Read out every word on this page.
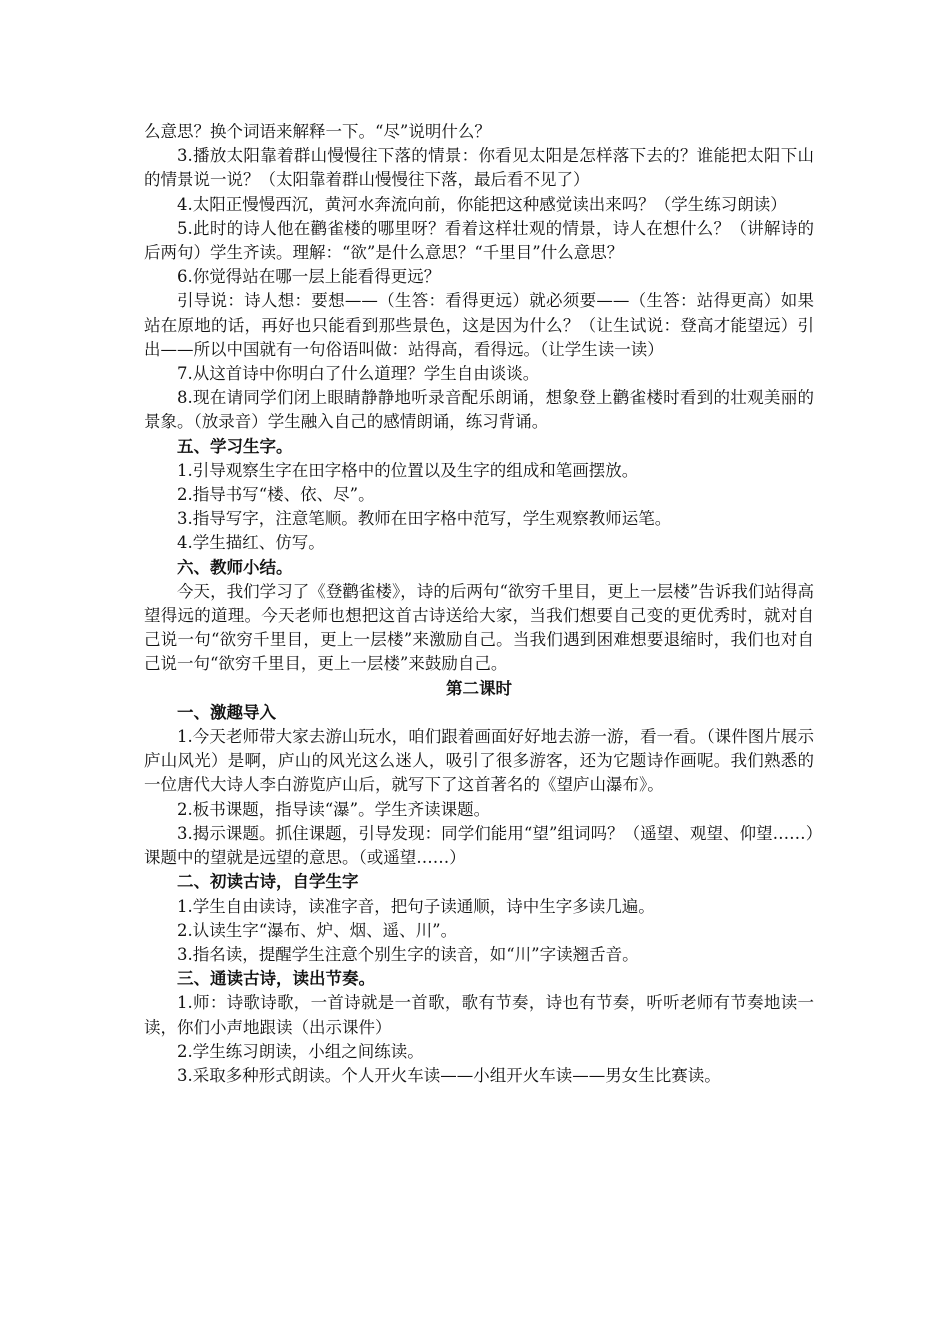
么意思？换个词语来解释一下。“尽”说明什么？

3.播放太阳靠着群山慢慢往下落的情景：你看见太阳是怎样落下去的？谁能把太阳下山的情景说一说？（太阳靠着群山慢慢往下落，最后看不见了）

4.太阳正慢慢西沉，黄河水奔流向前，你能把这种感觉读出来吗？（学生练习朗读）

5.此时的诗人他在鹳雀楼的哪里呀？看着这样壮观的情景，诗人在想什么？（讲解诗的后两句）学生齐读。理解：“欲”是什么意思？“千里目”什么意思？

6.你觉得站在哪一层上能看得更远？

引导说：诗人想：要想——（生答：看得更远）就必须要——（生答：站得更高）如果站在原地的话，再好也只能看到那些景色，这是因为什么？（让生试说：登高才能望远）引出——所以中国就有一句俗语叫做：站得高，看得远。（让学生读一读）

7.从这首诗中你明白了什么道理？学生自由谈谈。

8.现在请同学们闭上眼睛静静地听录音配乐朗诵，想象登上鹳雀楼时看到的壮观美丽的景象。（放录音）学生融入自己的感情朗诵，练习背诵。

五、学习生字。

1.引导观察生字在田字格中的位置以及生字的组成和笔画摆放。

2.指导书写“楼、依、尽”。

3.指导写字，注意笔顺。教师在田字格中范写，学生观察教师运笔。

4.学生描红、仿写。

六、教师小结。

今天，我们学习了《登鹳雀楼》，诗的后两句“欲穷千里目，更上一层楼”告诉我们站得高望得远的道理。今天老师也想把这首古诗送给大家，当我们想要自己变的更优秀时，就对自己说一句“欲穷千里目，更上一层楼”来激励自己。当我们遇到困难想要退缩时，我们也对自己说一句“欲穷千里目，更上一层楼”来鼓励自己。

第二课时

一、激趣导入

1.今天老师带大家去游山玩水，咱们跟着画面好好地去游一游，看一看。（课件图片展示庐山风光）是啊，庐山的风光这么迷人，吸引了很多游客，还为它题诗作画呢。我们熟悉的一位唐代大诗人李白游览庐山后，就写下了这首著名的《望庐山瀑布》。

2.板书课题，指导读“瀑”。学生齐读课题。

3.揭示课题。抓住课题，引导发现：同学们能用“望”组词吗？（遥望、观望、仰望……）课题中的望就是远望的意思。（或遥望……）

二、初读古诗，自学生字

1.学生自由读诗，读准字音，把句子读通顺，诗中生字多读几遍。

2.认读生字“瀑布、炉、烟、遥、川”。

3.指名读，提醒学生注意个别生字的读音，如“川”字读翘舌音。

三、通读古诗，读出节奏。

1.师：诗歌诗歌，一首诗就是一首歌，歌有节奏，诗也有节奏，听听老师有节奏地读一读，你们小声地跟读（出示课件）

2.学生练习朗读，小组之间练读。

3.采取多种形式朗读。个人开火车读——小组开火车读——男女生比赛读。
